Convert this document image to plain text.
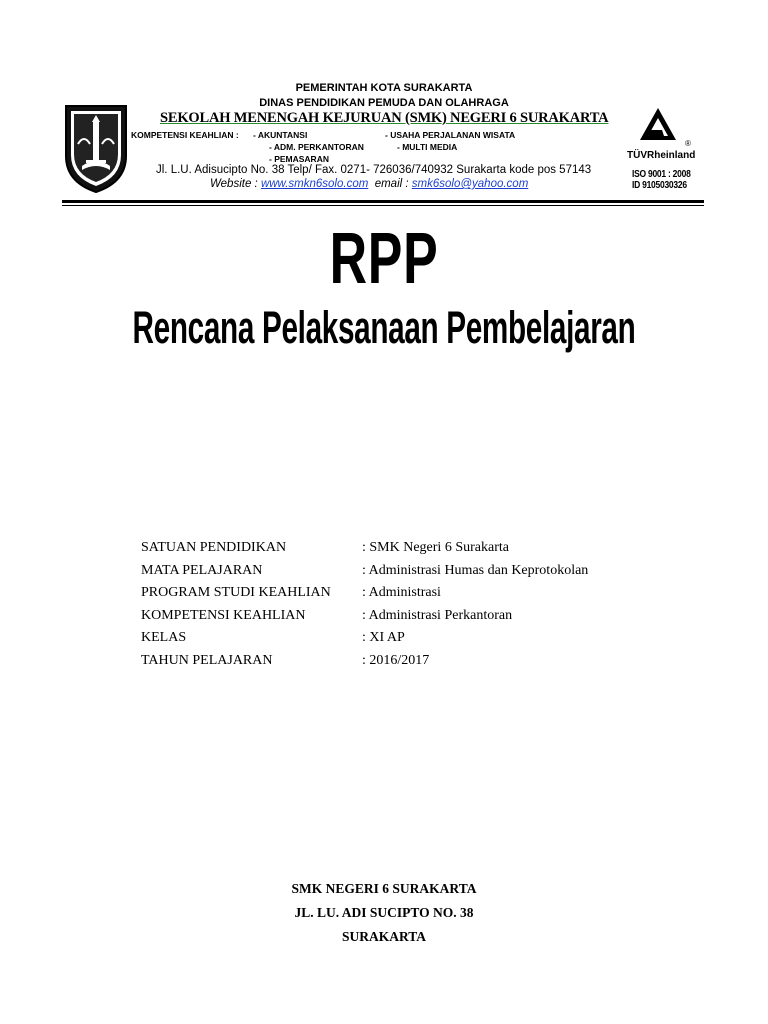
PEMERINTAH KOTA SURAKARTA
DINAS PENDIDIKAN PEMUDA DAN OLAHRAGA
SEKOLAH MENENGAH KEJURUAN (SMK) NEGERI 6 SURAKARTA
KOMPETENSI KEAHLIAN : - AKUNTANSI	- USAHA PERJALANAN WISATA
- ADM. PERKANTORAN	- MULTI MEDIA
- PEMASARAN
Jl. L.U. Adisucipto No. 38 Telp/ Fax. 0271- 726036/740932 Surakarta kode pos 57143
Website : www.smkn6solo.com email : smk6solo@yahoo.com
TÜVRheinland
®
ISO 9001 : 2008
ID 9105030326
RPP
Rencana Pelaksanaan Pembelajaran
SATUAN PENDIDIKAN	: SMK Negeri 6 Surakarta
MATA PELAJARAN	: Administrasi Humas dan Keprotokolan
PROGRAM STUDI KEAHLIAN : Administrasi
KOMPETENSI KEAHLIAN	: Administrasi Perkantoran
KELAS	: XI AP
TAHUN PELAJARAN	: 2016/2017
SMK NEGERI 6 SURAKARTA
JL. LU. ADI SUCIPTO NO. 38
SURAKARTA
